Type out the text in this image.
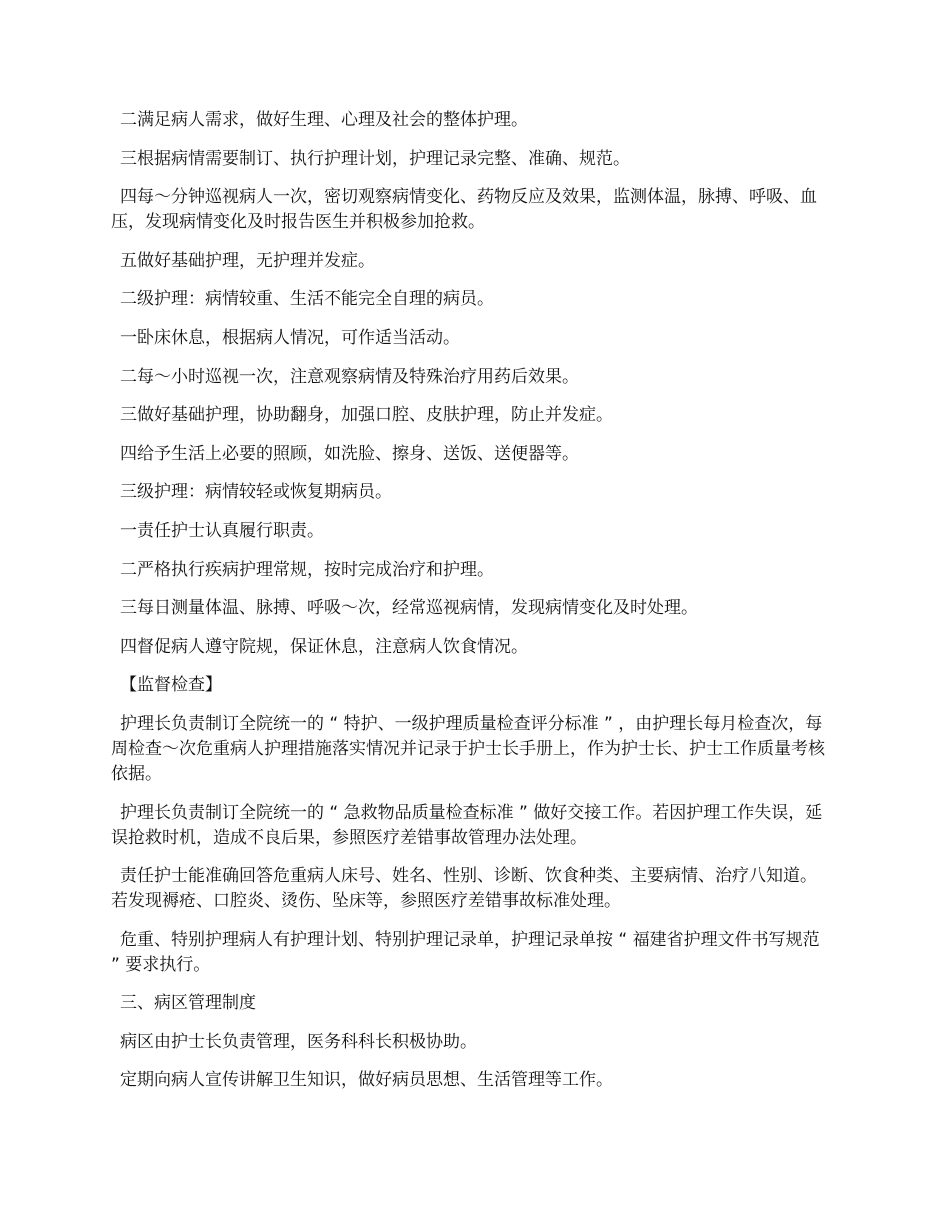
二满足病人需求，做好生理、心理及社会的整体护理。

三根据病情需要制订、执行护理计划，护理记录完整、准确、规范。

四每～分钟巡视病人一次，密切观察病情变化、药物反应及效果，监测体温，脉搏、呼吸、血压，发现病情变化及时报告医生并积极参加抢救。

五做好基础护理，无护理并发症。

二级护理：病情较重、生活不能完全自理的病员。

一卧床休息，根据病人情况，可作适当活动。

二每～小时巡视一次，注意观察病情及特殊治疗用药后效果。

三做好基础护理，协助翻身，加强口腔、皮肤护理，防止并发症。

四给予生活上必要的照顾，如洗脸、擦身、送饭、送便器等。

三级护理：病情较轻或恢复期病员。

一责任护士认真履行职责。

二严格执行疾病护理常规，按时完成治疗和护理。

三每日测量体温、脉搏、呼吸～次，经常巡视病情，发现病情变化及时处理。

四督促病人遵守院规，保证休息，注意病人饮食情况。

【监督检查】

护理长负责制订全院统一的 “ 特护、一级护理质量检查评分标准 ” ，由护理长每月检查次，每周检查～次危重病人护理措施落实情况并记录于护士长手册上，作为护士长、护士工作质量考核依据。

护理长负责制订全院统一的 “ 急救物品质量检查标准 ” 做好交接工作。若因护理工作失误，延误抢救时机，造成不良后果，参照医疗差错事故管理办法处理。

责任护士能准确回答危重病人床号、姓名、性别、诊断、饮食种类、主要病情、治疗八知道。若发现褥疮、口腔炎、烫伤、坠床等，参照医疗差错事故标准处理。

危重、特别护理病人有护理计划、特别护理记录单，护理记录单按 “ 福建省护理文件书写规范 ” 要求执行。

三、病区管理制度

病区由护士长负责管理，医务科科长积极协助。

定期向病人宣传讲解卫生知识，做好病员思想、生活管理等工作。
